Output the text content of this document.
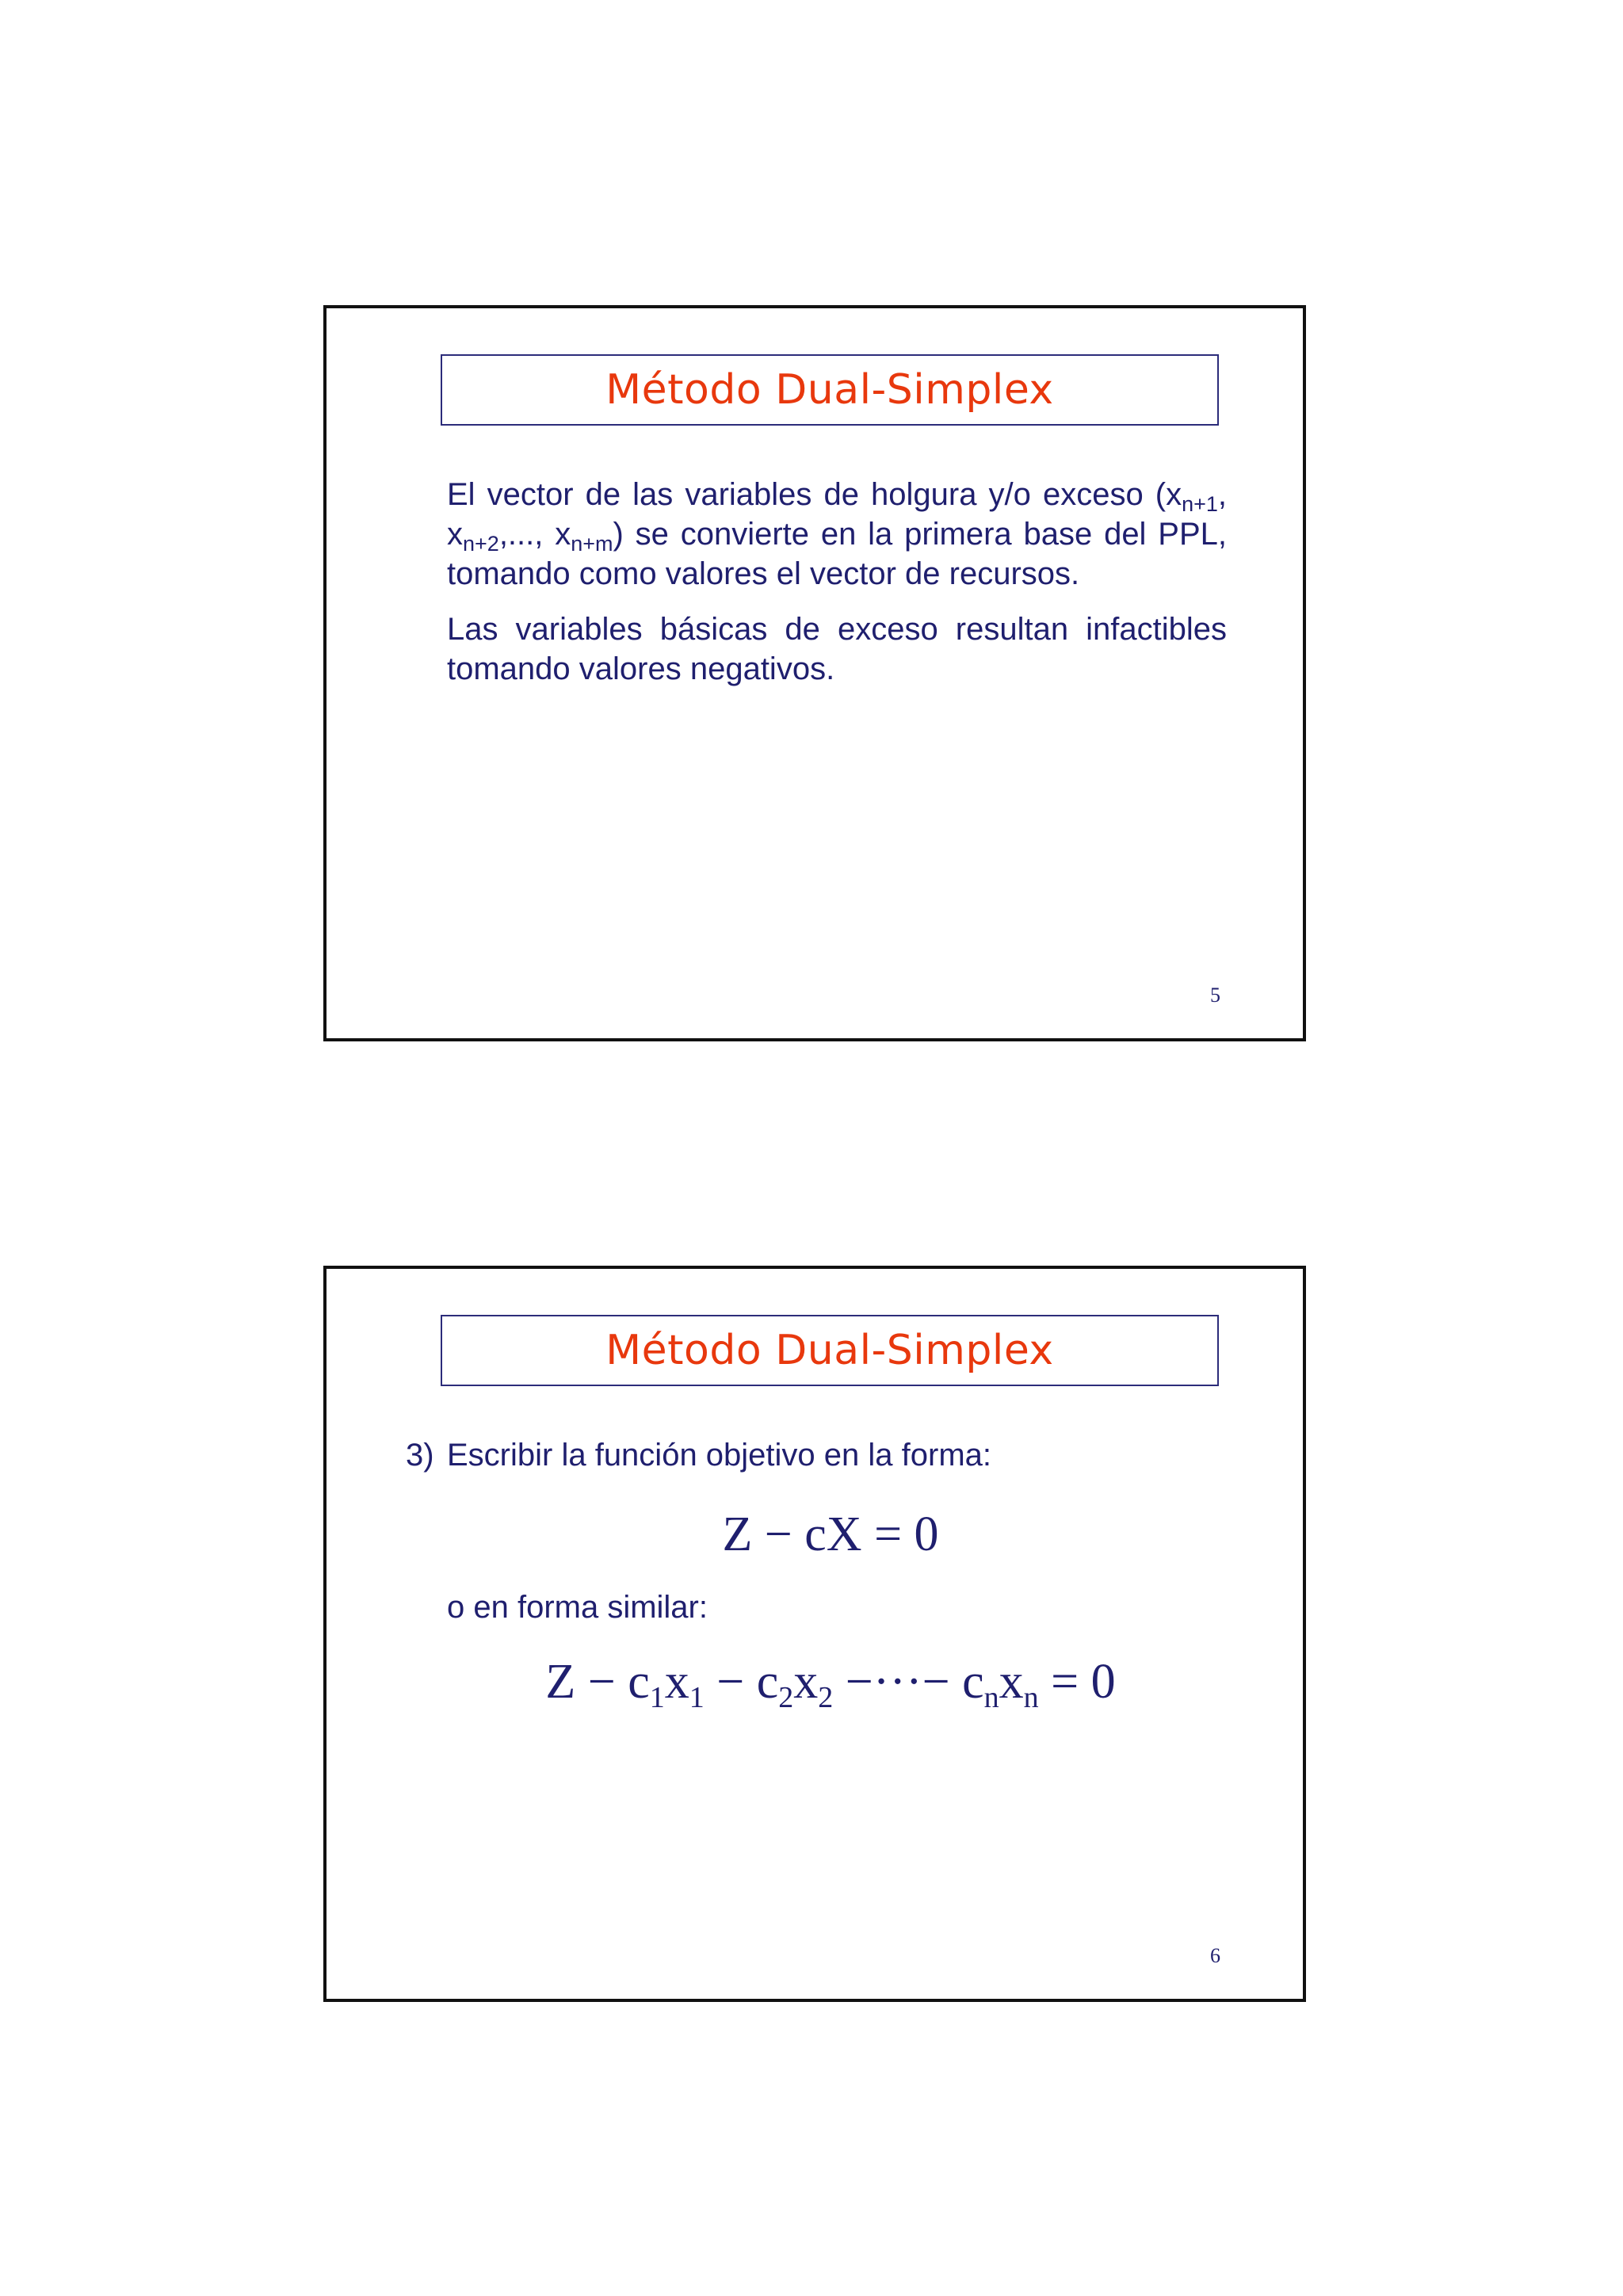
Método Dual-Simplex
El vector de las variables de holgura y/o exceso ($x_{n+1}$, $x_{n+2}$,..., $x_{n+m}$) se convierte en la primera base del PPL, tomando como valores el vector de recursos.
Las variables básicas de exceso resultan infactibles tomando valores negativos.
5
Método Dual-Simplex
3) Escribir la función objetivo en la forma:
Z − cX = 0
o en forma similar:
$Z - c_1x_1 - c_2x_2$ −···− $c_nx_n = 0$
6
